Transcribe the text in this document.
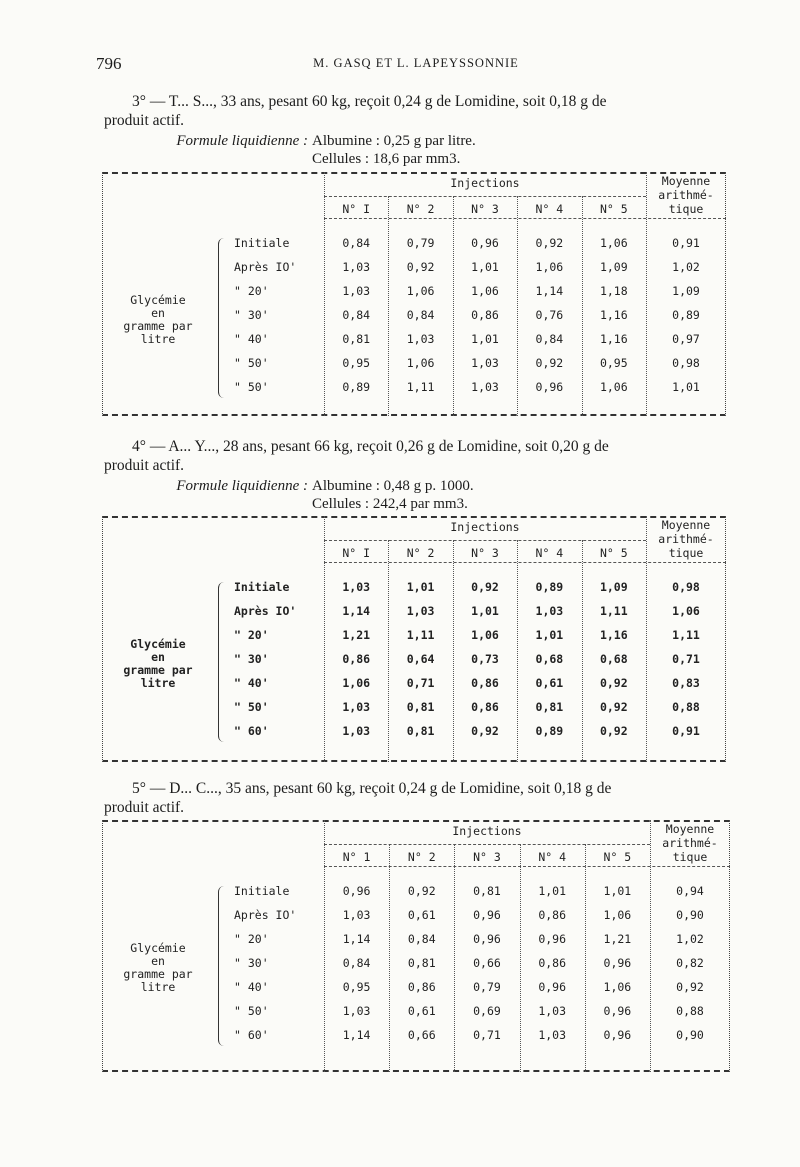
796	M. GASQ ET L. LAPEYSSONNIE
3° — T... S..., 33 ans, pesant 60 kg, reçoit 0,24 g de Lomidine, soit 0,18 g de
produit actif.
Formule liquidienne : Albumine : 0,25 g par litre.
Cellules : 18,6 par mm3.
Injections	Moyenne
arithmé-
tique
N° I	N° 2	N° 3	N° 4	N° 5
Glycémie
en
gramme par
litre
Initiale	0,84	0,79	0,96	0,92	1,06	0,91
Après IO'	1,03	0,92	1,01	1,06	1,09	1,02
" 20'	1,03	1,06	1,06	1,14	1,18	1,09
" 30'	0,84	0,84	0,86	0,76	1,16	0,89
" 40'	0,81	1,03	1,01	0,84	1,16	0,97
" 50'	0,95	1,06	1,03	0,92	0,95	0,98
" 50'	0,89	1,11	1,03	0,96	1,06	1,01
4° — A... Y..., 28 ans, pesant 66 kg, reçoit 0,26 g de Lomidine, soit 0,20 g de
produit actif.
Formule liquidienne : Albumine : 0,48 g p. 1000.
Cellules : 242,4 par mm3.
Injections	Moyenne
arithmé-
tique
N° I	N° 2	N° 3	N° 4	N° 5
Glycémie
en
gramme par
litre
Initiale	1,03	1,01	0,92	0,89	1,09	0,98
Après IO'	1,14	1,03	1,01	1,03	1,11	1,06
" 20'	1,21	1,11	1,06	1,01	1,16	1,11
" 30'	0,86	0,64	0,73	0,68	0,68	0,71
" 40'	1,06	0,71	0,86	0,61	0,92	0,83
" 50'	1,03	0,81	0,86	0,81	0,92	0,88
" 60'	1,03	0,81	0,92	0,89	0,92	0,91
5° — D... C..., 35 ans, pesant 60 kg, reçoit 0,24 g de Lomidine, soit 0,18 g de
produit actif.
Injections	Moyenne
arithmé-
tique
N° 1	N° 2	N° 3	N° 4	N° 5
Glycémie
en
gramme par
litre
Initiale	0,96	0,92	0,81	1,01	1,01	0,94
Après IO'	1,03	0,61	0,96	0,86	1,06	0,90
" 20'	1,14	0,84	0,96	0,96	1,21	1,02
" 30'	0,84	0,81	0,66	0,86	0,96	0,82
" 40'	0,95	0,86	0,79	0,96	1,06	0,92
" 50'	1,03	0,61	0,69	1,03	0,96	0,88
" 60'	1,14	0,66	0,71	1,03	0,96	0,90
